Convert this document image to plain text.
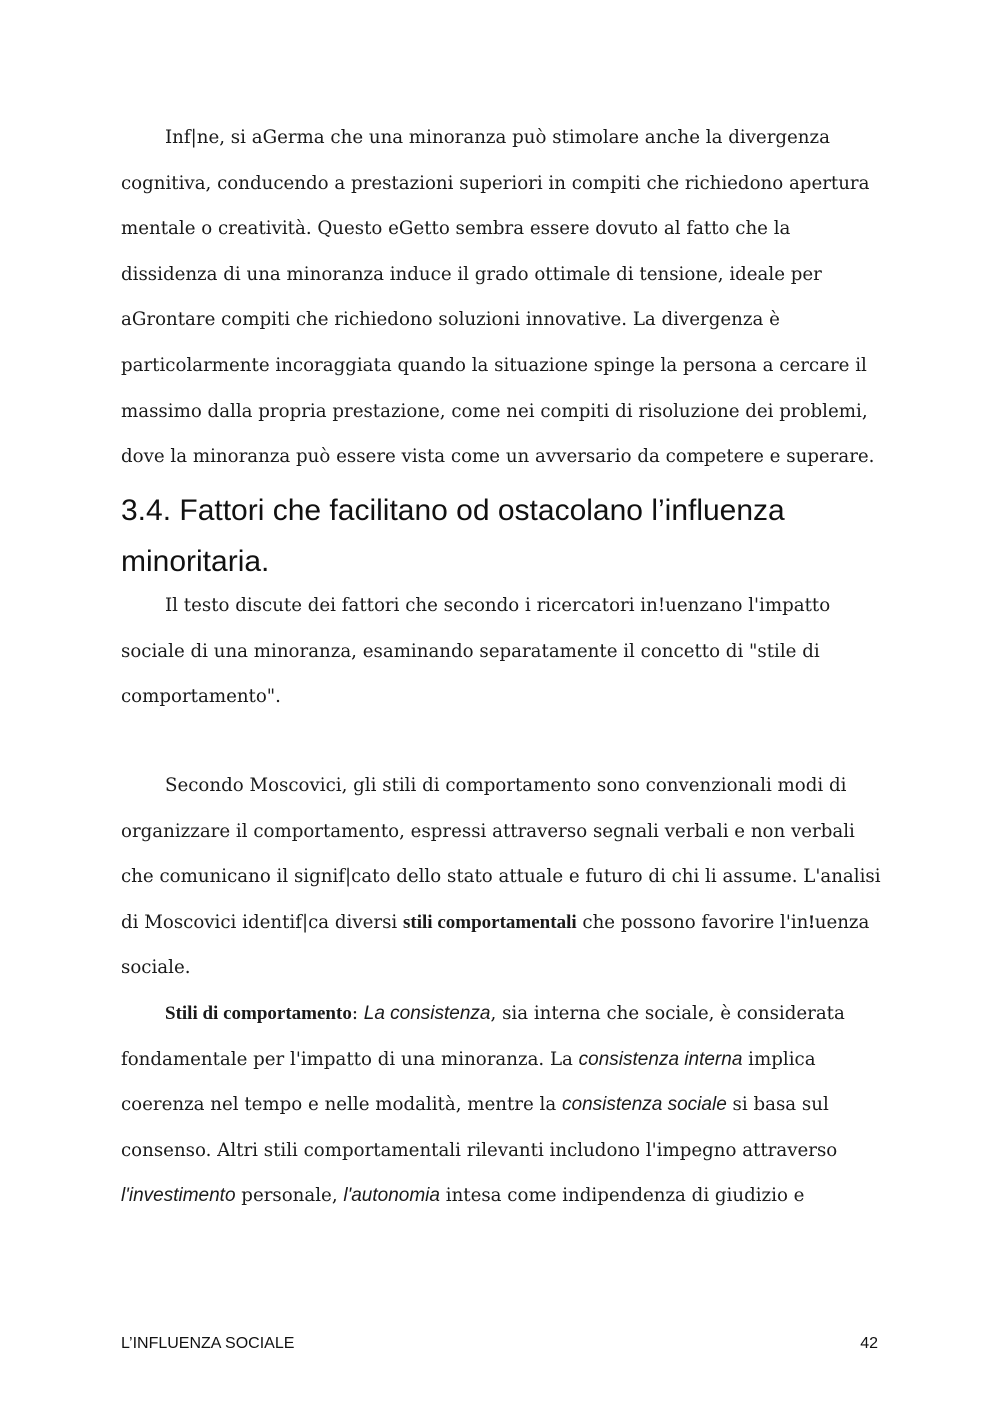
Inf|ne, si aGerma che una minoranza può stimolare anche la divergenza cognitiva, conducendo a prestazioni superiori in compiti che richiedono apertura mentale o creatività. Questo eGetto sembra essere dovuto al fatto che la dissidenza di una minoranza induce il grado ottimale di tensione, ideale per aGrontare compiti che richiedono soluzioni innovative. La divergenza è particolarmente incoraggiata quando la situazione spinge la persona a cercare il massimo dalla propria prestazione, come nei compiti di risoluzione dei problemi, dove la minoranza può essere vista come un avversario da competere e superare.

3.4. Fattori che facilitano od ostacolano l’influenza minoritaria.

Il testo discute dei fattori che secondo i ricercatori in!uenzano l'impatto sociale di una minoranza, esaminando separatamente il concetto di "stile di comportamento".

Secondo Moscovici, gli stili di comportamento sono convenzionali modi di organizzare il comportamento, espressi attraverso segnali verbali e non verbali che comunicano il signif|cato dello stato attuale e futuro di chi li assume. L'analisi di Moscovici identif|ca diversi stili comportamentali che possono favorire l'in!uenza sociale.

Stili di comportamento: La consistenza, sia interna che sociale, è considerata fondamentale per l'impatto di una minoranza. La consistenza interna implica coerenza nel tempo e nelle modalità, mentre la consistenza sociale si basa sul consenso. Altri stili comportamentali rilevanti includono l'impegno attraverso l'investimento personale, l'autonomia intesa come indipendenza di giudizio e

L’INFLUENZA SOCIALE	42
